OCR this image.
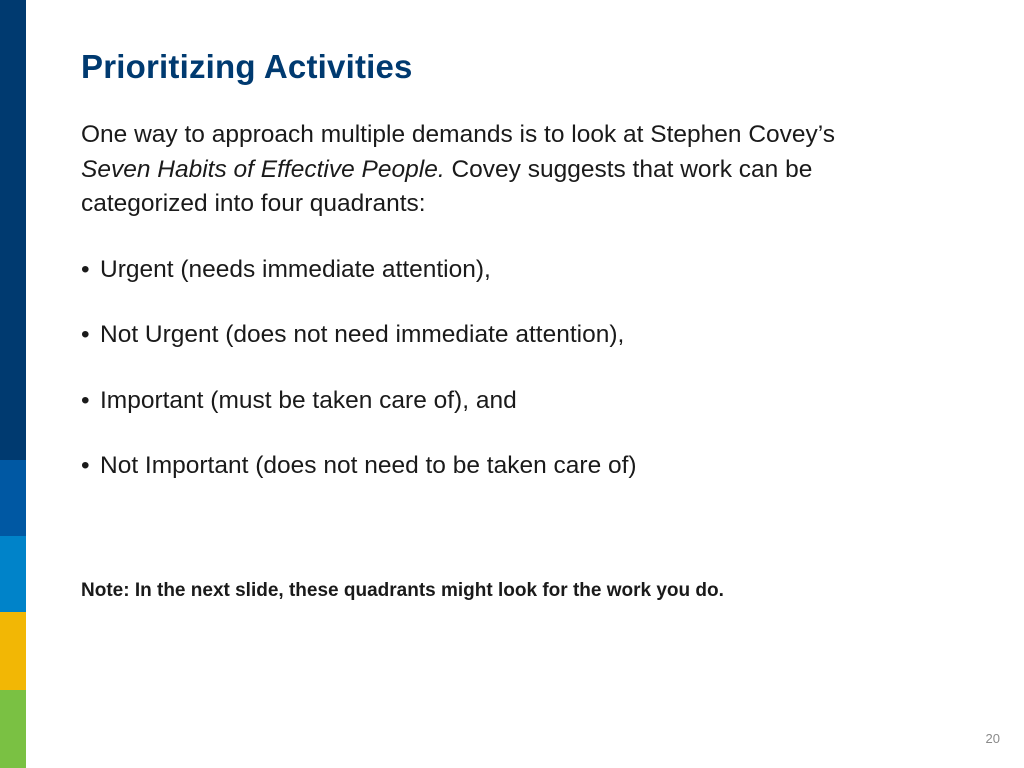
Prioritizing Activities

One way to approach multiple demands is to look at Stephen Covey’s
Seven Habits of Effective People. Covey suggests that work can be categorized into four quadrants:

• Urgent (needs immediate attention),

• Not Urgent (does not need immediate attention),

• Important (must be taken care of), and

• Not Important (does not need to be taken care of)

Note: In the next slide, these quadrants might look for the work you do.

20
